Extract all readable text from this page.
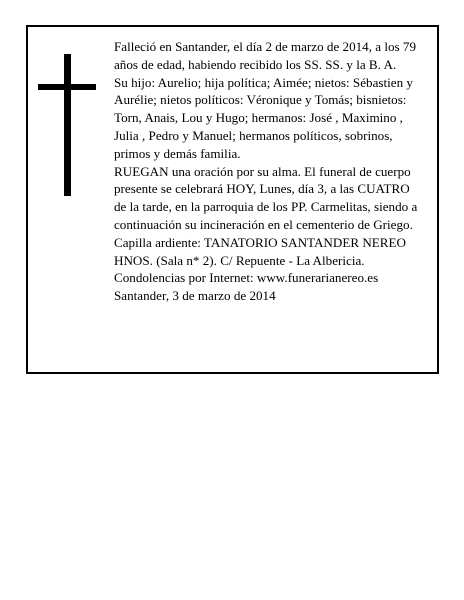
Falleció en Santander, el día 2 de marzo de 2014, a los 79 años de edad, habiendo recibido los SS. SS. y la B. A.

Su hijo: Aurelio; hija política; Aimée; nietos: Sébastien y Aurélie; nietos políticos: Véronique y Tomás; bisnietos: Torn, Anais, Lou y Hugo; hermanos: José , Maximino , Julia , Pedro y Manuel; hermanos políticos, sobrinos, primos y demás familia.

RUEGAN una oración por su alma. El funeral de cuerpo presente se celebrará HOY, Lunes, día 3, a las CUATRO de la tarde, en la parroquia de los PP. Carmelitas, siendo a continuación su incineración en el cementerio de Griego. Capilla ardiente: TANATORIO SANTANDER NEREO HNOS. (Sala n* 2). C/ Repuente - La Albericia.

Condolencias por Internet: www.funerarianereo.es

Santander, 3 de marzo de 2014
